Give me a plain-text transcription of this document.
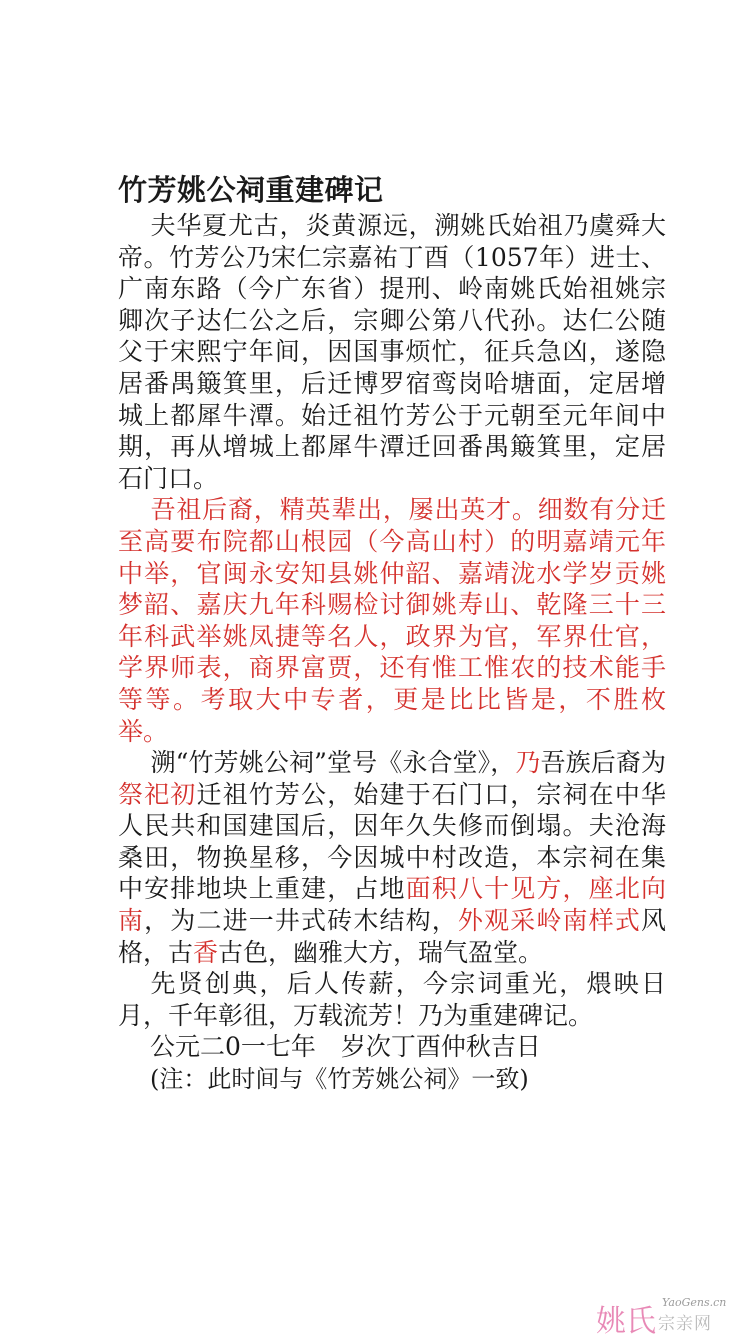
竹芳姚公祠重建碑记

夫华夏尤古，炎黄源远，溯姚氏始祖乃虞舜大帝。竹芳公乃宋仁宗嘉祐丁酉（1057年）进士、广南东路（今广东省）提刑、岭南姚氏始祖姚宗卿次子达仁公之后，宗卿公第八代孙。达仁公随父于宋熙宁年间，因国事烦忙，征兵急凶，遂隐居番禺簸箕里，后迁博罗宿鸾岗哈塘面，定居增城上都犀牛潭。始迁祖竹芳公于元朝至元年间中期，再从增城上都犀牛潭迁回番禺簸箕里，定居石门口。

吾祖后裔，精英辈出，屡出英才。细数有分迁至高要布院都山根园（今高山村）的明嘉靖元年中举，官闽永安知县姚仲韶、嘉靖泷水学岁贡姚梦韶、嘉庆九年科赐检讨御姚寿山、乾隆三十三年科武举姚凤捷等名人，政界为官，军界仕官，学界师表，商界富贾，还有惟工惟农的技术能手等等。考取大中专者，更是比比皆是，不胜枚举。

溯“竹芳姚公祠”堂号《永合堂》，乃吾族后裔为祭祀初迁祖竹芳公，始建于石门口，宗祠在中华人民共和国建国后，因年久失修而倒塌。夫沧海桑田，物换星移，今因城中村改造，本宗祠在集中安排地块上重建，占地面积八十见方，座北向南，为二进一井式砖木结构，外观采岭南样式风格，古香古色，幽雅大方，瑞气盈堂。

先贤创典，后人传薪，今宗词重光，煨映日月，千年彰徂，万载流芳！乃为重建碑记。

公元二0一七年　岁次丁酉仲秋吉日
(注：此时间与《竹芳姚公祠》一致)
姚氏
YaoGens.cn
宗亲网
